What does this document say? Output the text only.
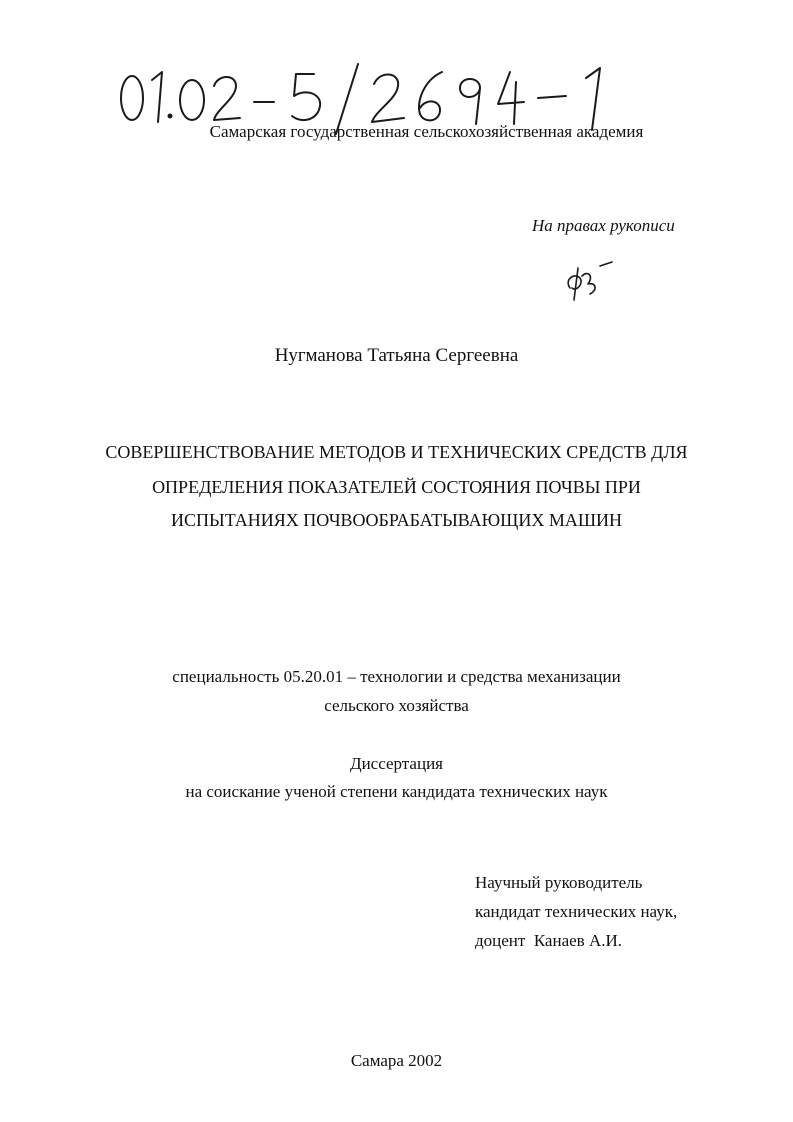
Самарская государственная сельскохозяйственная академия
На правах рукописи
Нугманова Татьяна Сергеевна
СОВЕРШЕНСТВОВАНИЕ МЕТОДОВ И ТЕХНИЧЕСКИХ СРЕДСТВ ДЛЯ
ОПРЕДЕЛЕНИЯ ПОКАЗАТЕЛЕЙ СОСТОЯНИЯ ПОЧВЫ ПРИ
ИСПЫТАНИЯХ ПОЧВООБРАБАТЫВАЮЩИХ МАШИН
специальность 05.20.01 – технологии и средства механизации
сельского хозяйства
Диссертация
на соискание ученой степени кандидата технических наук
Научный руководитель
кандидат технических наук,
доцент  Канаев А.И.
Самара 2002
